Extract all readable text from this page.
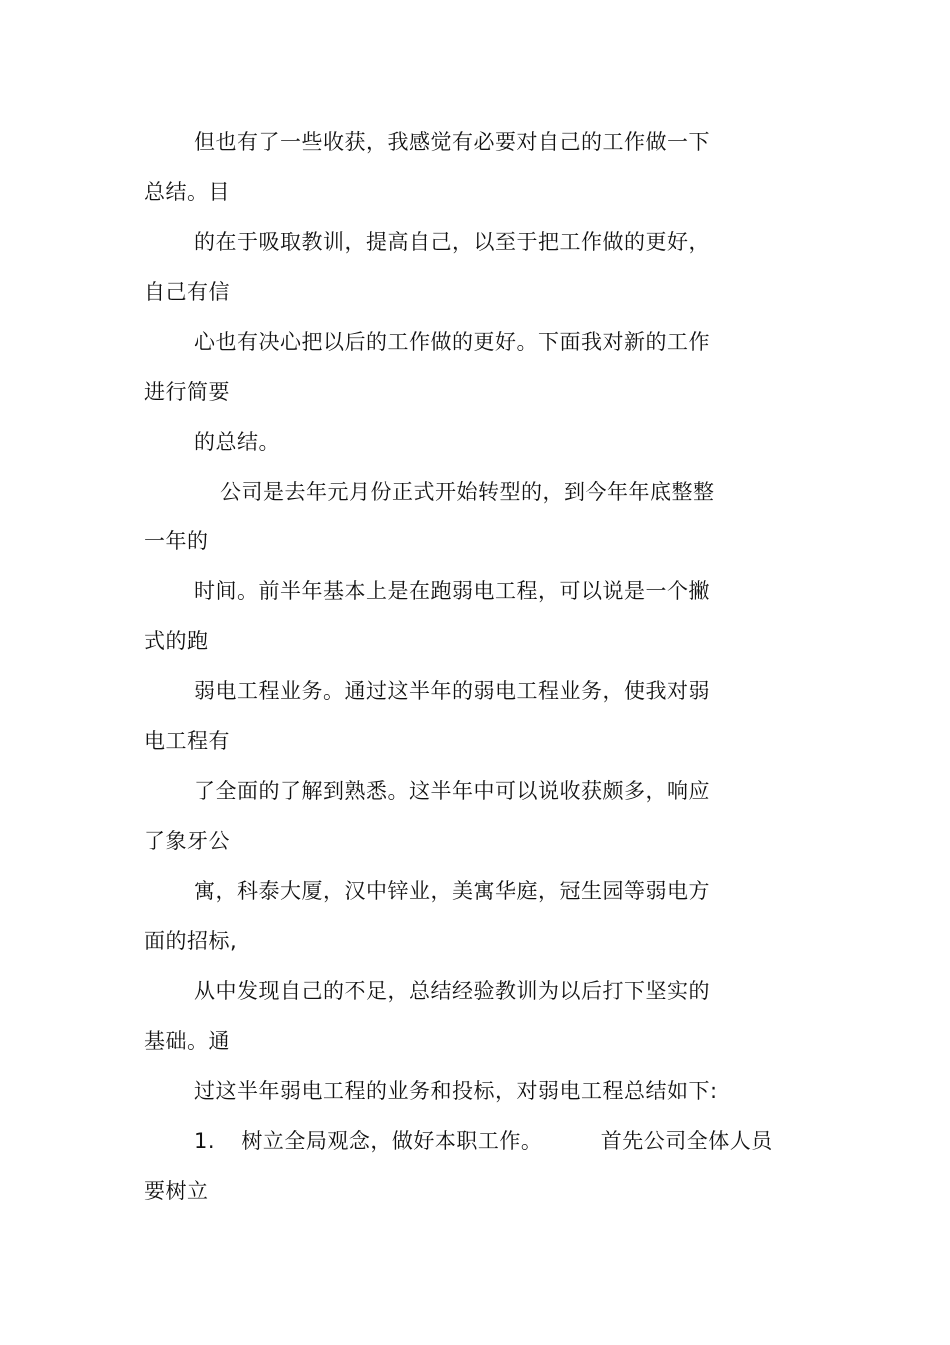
但也有了一些收获，我感觉有必要对自己的工作做一下
总结。目
的在于吸取教训，提高自己，以至于把工作做的更好，
自己有信
心也有决心把以后的工作做的更好。下面我对新的工作
进行简要
的总结。
公司是去年元月份正式开始转型的，到今年年底整整
一年的
时间。前半年基本上是在跑弱电工程，可以说是一个撇
式的跑
弱电工程业务。通过这半年的弱电工程业务，使我对弱
电工程有
了全面的了解到熟悉。这半年中可以说收获颇多，响应
了象牙公
寓，科泰大厦，汉中锌业，美寓华庭，冠生园等弱电方
面的招标,
从中发现自己的不足，总结经验教训为以后打下坚实的
基础。通
过这半年弱电工程的业务和投标，对弱电工程总结如下:
1. 树立全局观念，做好本职工作。	首先公司全体人员
要树立
